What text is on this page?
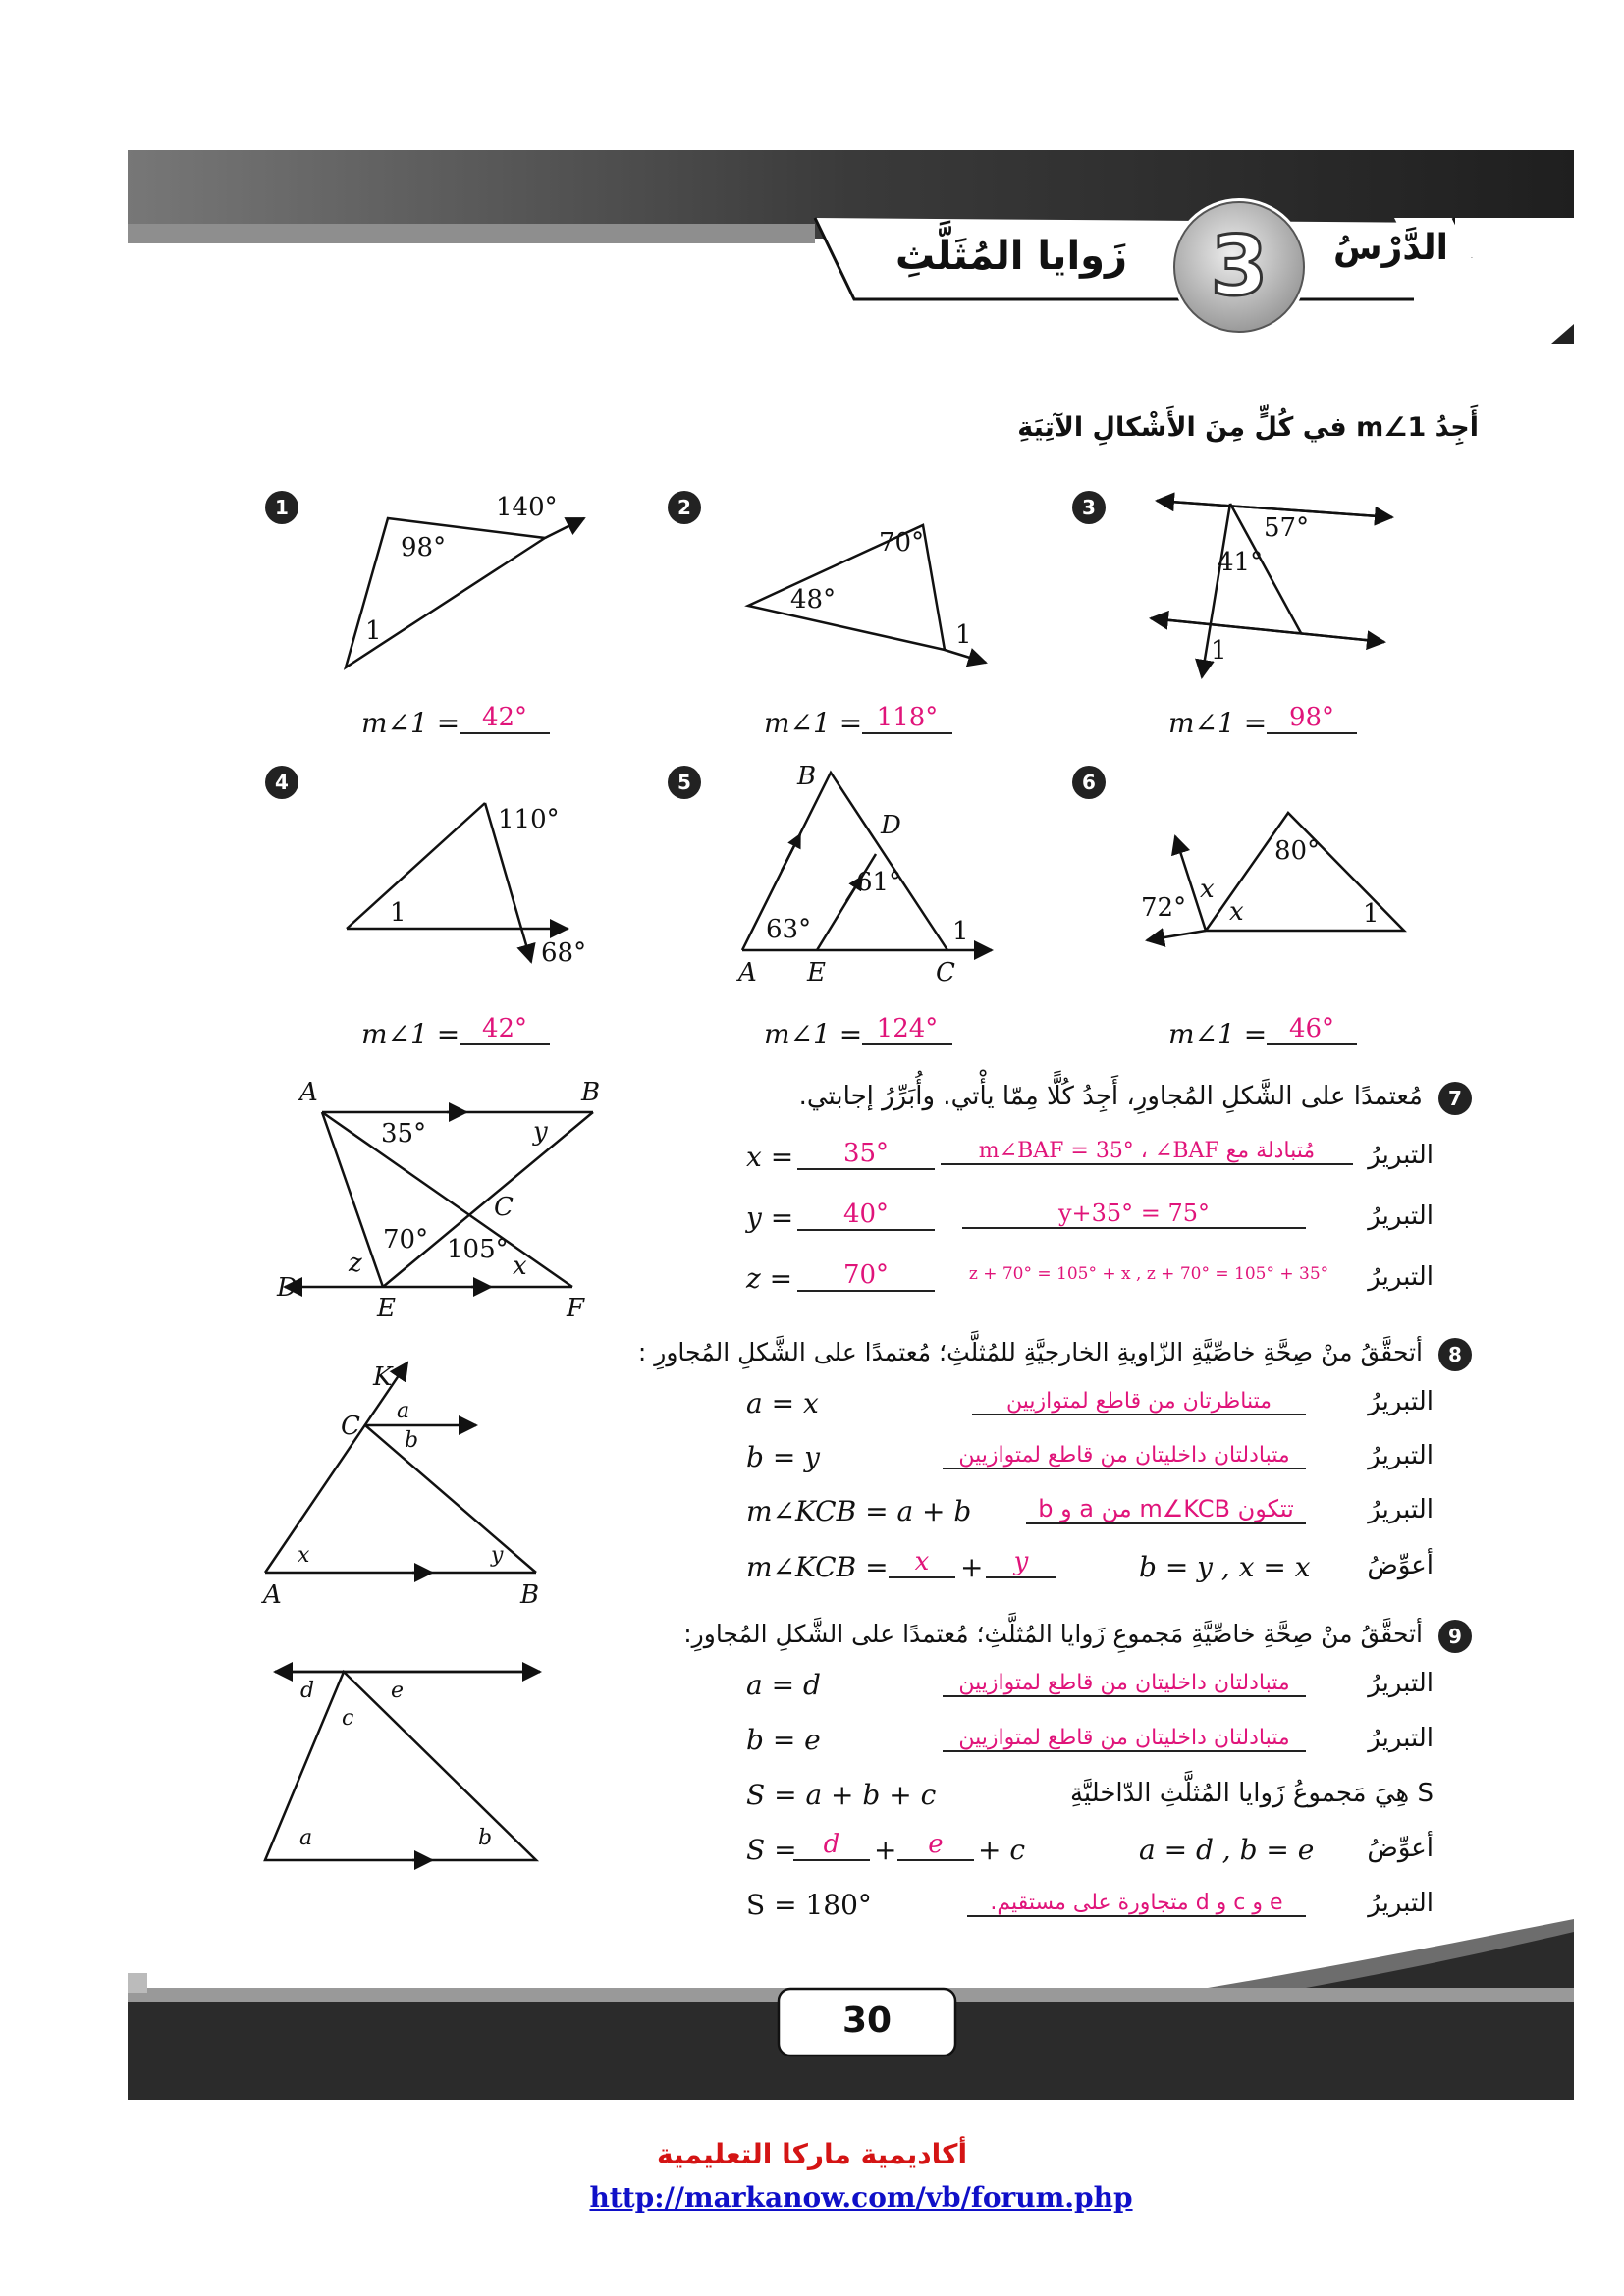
3	الدَّرْسُ
زَوايا المُثَلَّثِ
أَجِدُ m∠1 في كُلٍّ مِنَ الأَشْكالِ الآتِيَةِ
1	2	3
4	5	6
140°
98°
1
70°
48°
1
57°
41°
1
110°
1
68°
B
D
61°
63°	1
A E	C
80°
72°
x
x	1
m∠1 = 42°	m∠1 = 118°	m∠1 = 98°
m∠1 = 42°	m∠1 = 124°	m∠1 = 46°
A	B
35°	y
C
70° 105°
z	x
D
E	F
K
C
a
b
x	y
A	B
d	e
c
a	b
7
مُعتمدًا على الشَّكلِ المُجاورِ، أَجِدُ كُلًّا مِمّا يأْتي. وأُبَرِّرُ إجابتي.
x =	35°	مُتبادلة مع m∠BAF = 35° ، ∠BAF	التبريرُ
y =	40°	y+35° = 75°	التبريرُ
z =	70°	z + 70° = 105° + x , z + 70° = 105° + 35°	التبريرُ
8
أتحقَّقُ منْ صِحَّةِ خاصِّيَّةِ الزّاويةِ الخارجيَّةِ للمُثلَّثِ؛ مُعتمدًا على الشَّكلِ المُجاورِ :
a = x	متناظرتان من قاطع لمتوازيين	التبريرُ
b = y	متبادلتان داخليتان من قاطع لمتوازيين	التبريرُ
m∠KCB = a + b	تتكون m∠KCB من a و b	التبريرُ
m∠KCB =	x	+	y	b = y , x = x	أعوِّضُ
9
أتحقَّقُ منْ صِحَّةِ خاصِّيَّةِ مَجموعِ زَوايا المُثلَّثِ؛ مُعتمدًا على الشَّكلِ المُجاورِ:
a = d	متبادلتان داخليتان من قاطع لمتوازيين	التبريرُ
b = e	متبادلتان داخليتان من قاطع لمتوازيين	التبريرُ
S = a + b + c	S هِيَ مَجموعُ زَوايا المُثلَّثِ الدّاخليَّةِ
S =	d	+	e	+ c	a = d , b = e	أعوِّضُ
S = 180°	e و c و d متجاورة على مستقيم.	التبريرُ
30
أكاديمية ماركا التعليمية
http://markanow.com/vb/forum.php
